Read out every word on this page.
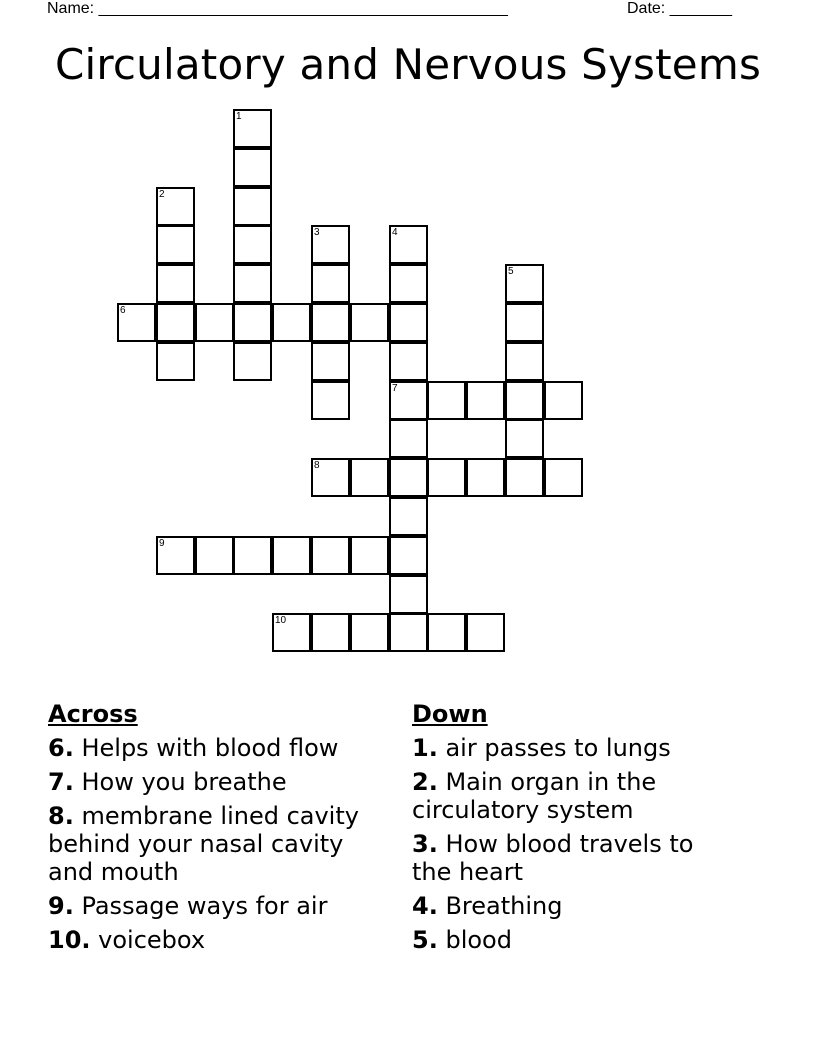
Name: ______________________________________________	Date: _______
Circulatory and Nervous Systems
1
2
3	4
7
5
6
8
9
10
Across
6. Helps with blood flow
7. How you breathe
8. membrane lined cavity behind your nasal cavity and mouth
9. Passage ways for air
10. voicebox
Down
1. air passes to lungs
2. Main organ in the circulatory system
3. How blood travels to the heart
4. Breathing
5. blood
